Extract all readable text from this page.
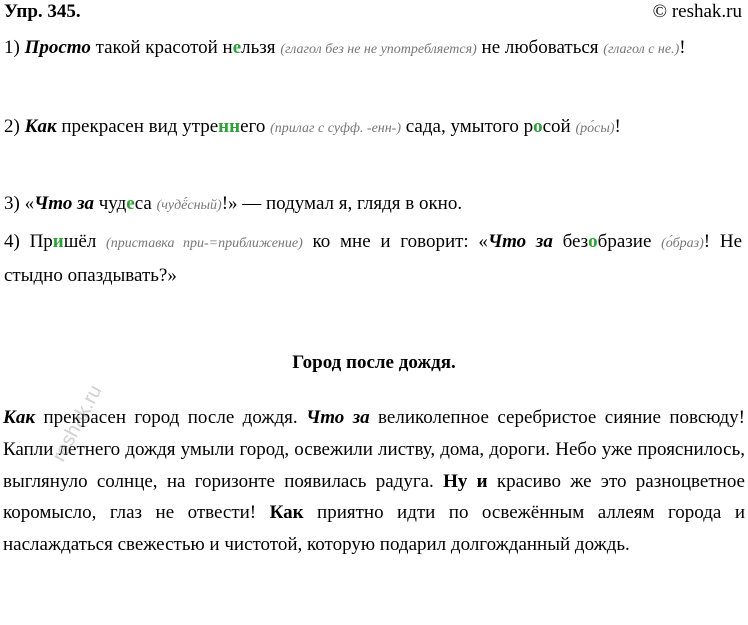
Упр. 345.	© reshak.ru

1) Просто такой красотой нельзя (глагол без не не употребляется) не любоваться (глагол с не.)!

2) Как прекрасен вид утреннего (прилаг с суфф. -енн-) сада, умытого росой (ро́сы)!

3) «Что за чудеса (чудё́сный)!» — подумал я, глядя в окно.

4) Пришёл (приставка при-=приближение) ко мне и говорит: «Что за безобразие (о́браз)! Не стыдно опаздывать?»

Город после дождя.

Как прекрасен город после дождя. Что за великолепное серебристое сияние повсюду! Капли летнего дождя умыли город, освежили листву, дома, дороги. Небо уже прояснилось, выглянуло солнце, на горизонте появилась радуга. Ну и красиво же это разноцветное коромысло, глаз не отвести! Как приятно идти по освежённым аллеям города и наслаждаться свежестью и чистотой, которую подарил долгожданный дождь.

reshak.ru
